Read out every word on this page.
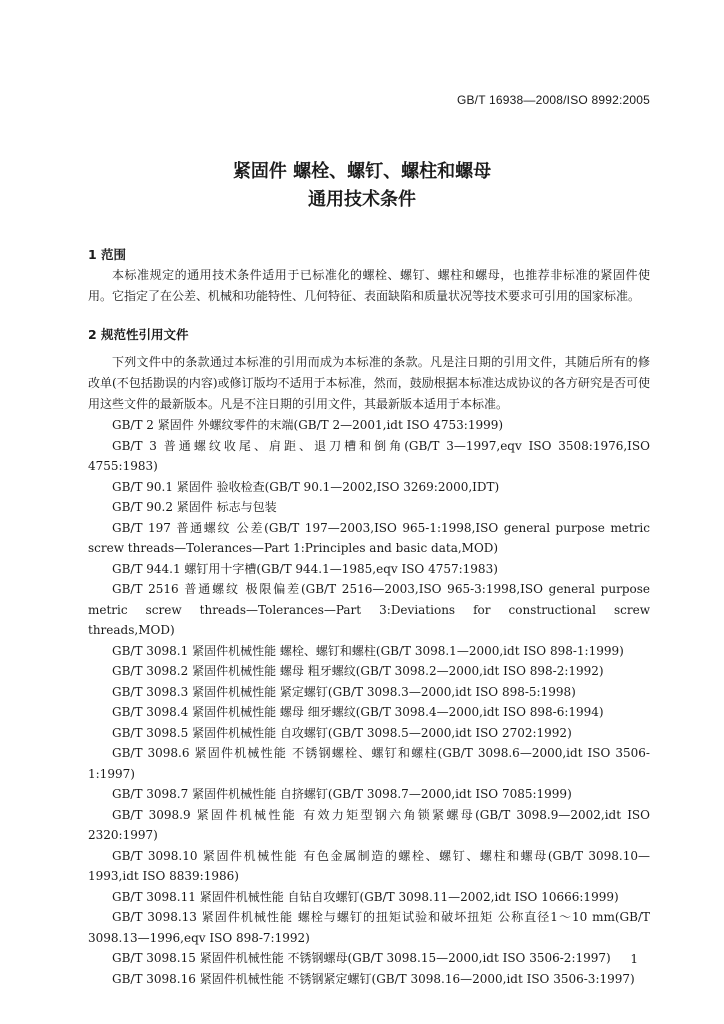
GB/T 16938—2008/ISO 8992:2005
紧固件 螺栓、螺钉、螺柱和螺母
通用技术条件
1 范围

本标准规定的通用技术条件适用于已标准化的螺栓、螺钉、螺柱和螺母，也推荐非标准的紧固件使用。它指定了在公差、机械和功能特性、几何特征、表面缺陷和质量状况等技术要求可引用的国家标准。

2 规范性引用文件

下列文件中的条款通过本标准的引用而成为本标准的条款。凡是注日期的引用文件，其随后所有的修改单(不包括勘误的内容)或修订版均不适用于本标准，然而，鼓励根据本标准达成协议的各方研究是否可使用这些文件的最新版本。凡是不注日期的引用文件，其最新版本适用于本标准。

GB/T 2 紧固件 外螺纹零件的末端(GB/T 2—2001,idt ISO 4753:1999)
GB/T 3 普通螺纹收尾、肩距、退刀槽和倒角(GB/T 3—1997,eqv ISO 3508:1976,ISO 4755:1983)
GB/T 90.1 紧固件 验收检查(GB/T 90.1—2002,ISO 3269:2000,IDT)
GB/T 90.2 紧固件 标志与包装
GB/T 197 普通螺纹 公差(GB/T 197—2003,ISO 965-1:1998,ISO general purpose metric screw threads—Tolerances—Part 1:Principles and basic data,MOD)
GB/T 944.1 螺钉用十字槽(GB/T 944.1—1985,eqv ISO 4757:1983)
GB/T 2516 普通螺纹 极限偏差(GB/T 2516—2003,ISO 965-3:1998,ISO general purpose metric screw threads—Tolerances—Part 3:Deviations for constructional screw threads,MOD)
GB/T 3098.1 紧固件机械性能 螺栓、螺钉和螺柱(GB/T 3098.1—2000,idt ISO 898-1:1999)
GB/T 3098.2 紧固件机械性能 螺母 粗牙螺纹(GB/T 3098.2—2000,idt ISO 898-2:1992)
GB/T 3098.3 紧固件机械性能 紧定螺钉(GB/T 3098.3—2000,idt ISO 898-5:1998)
GB/T 3098.4 紧固件机械性能 螺母 细牙螺纹(GB/T 3098.4—2000,idt ISO 898-6:1994)
GB/T 3098.5 紧固件机械性能 自攻螺钉(GB/T 3098.5—2000,idt ISO 2702:1992)
GB/T 3098.6 紧固件机械性能 不锈钢螺栓、螺钉和螺柱(GB/T 3098.6—2000,idt ISO 3506-1:1997)
GB/T 3098.7 紧固件机械性能 自挤螺钉(GB/T 3098.7—2000,idt ISO 7085:1999)
GB/T 3098.9 紧固件机械性能 有效力矩型钢六角锁紧螺母(GB/T 3098.9—2002,idt ISO 2320:1997)
GB/T 3098.10 紧固件机械性能 有色金属制造的螺栓、螺钉、螺柱和螺母(GB/T 3098.10—1993,idt ISO 8839:1986)
GB/T 3098.11 紧固件机械性能 自钻自攻螺钉(GB/T 3098.11—2002,idt ISO 10666:1999)
GB/T 3098.13 紧固件机械性能 螺栓与螺钉的扭矩试验和破坏扭矩 公称直径1～10 mm(GB/T 3098.13—1996,eqv ISO 898-7:1992)
GB/T 3098.15 紧固件机械性能 不锈钢螺母(GB/T 3098.15—2000,idt ISO 3506-2:1997)
GB/T 3098.16 紧固件机械性能 不锈钢紧定螺钉(GB/T 3098.16—2000,idt ISO 3506-3:1997)
1
